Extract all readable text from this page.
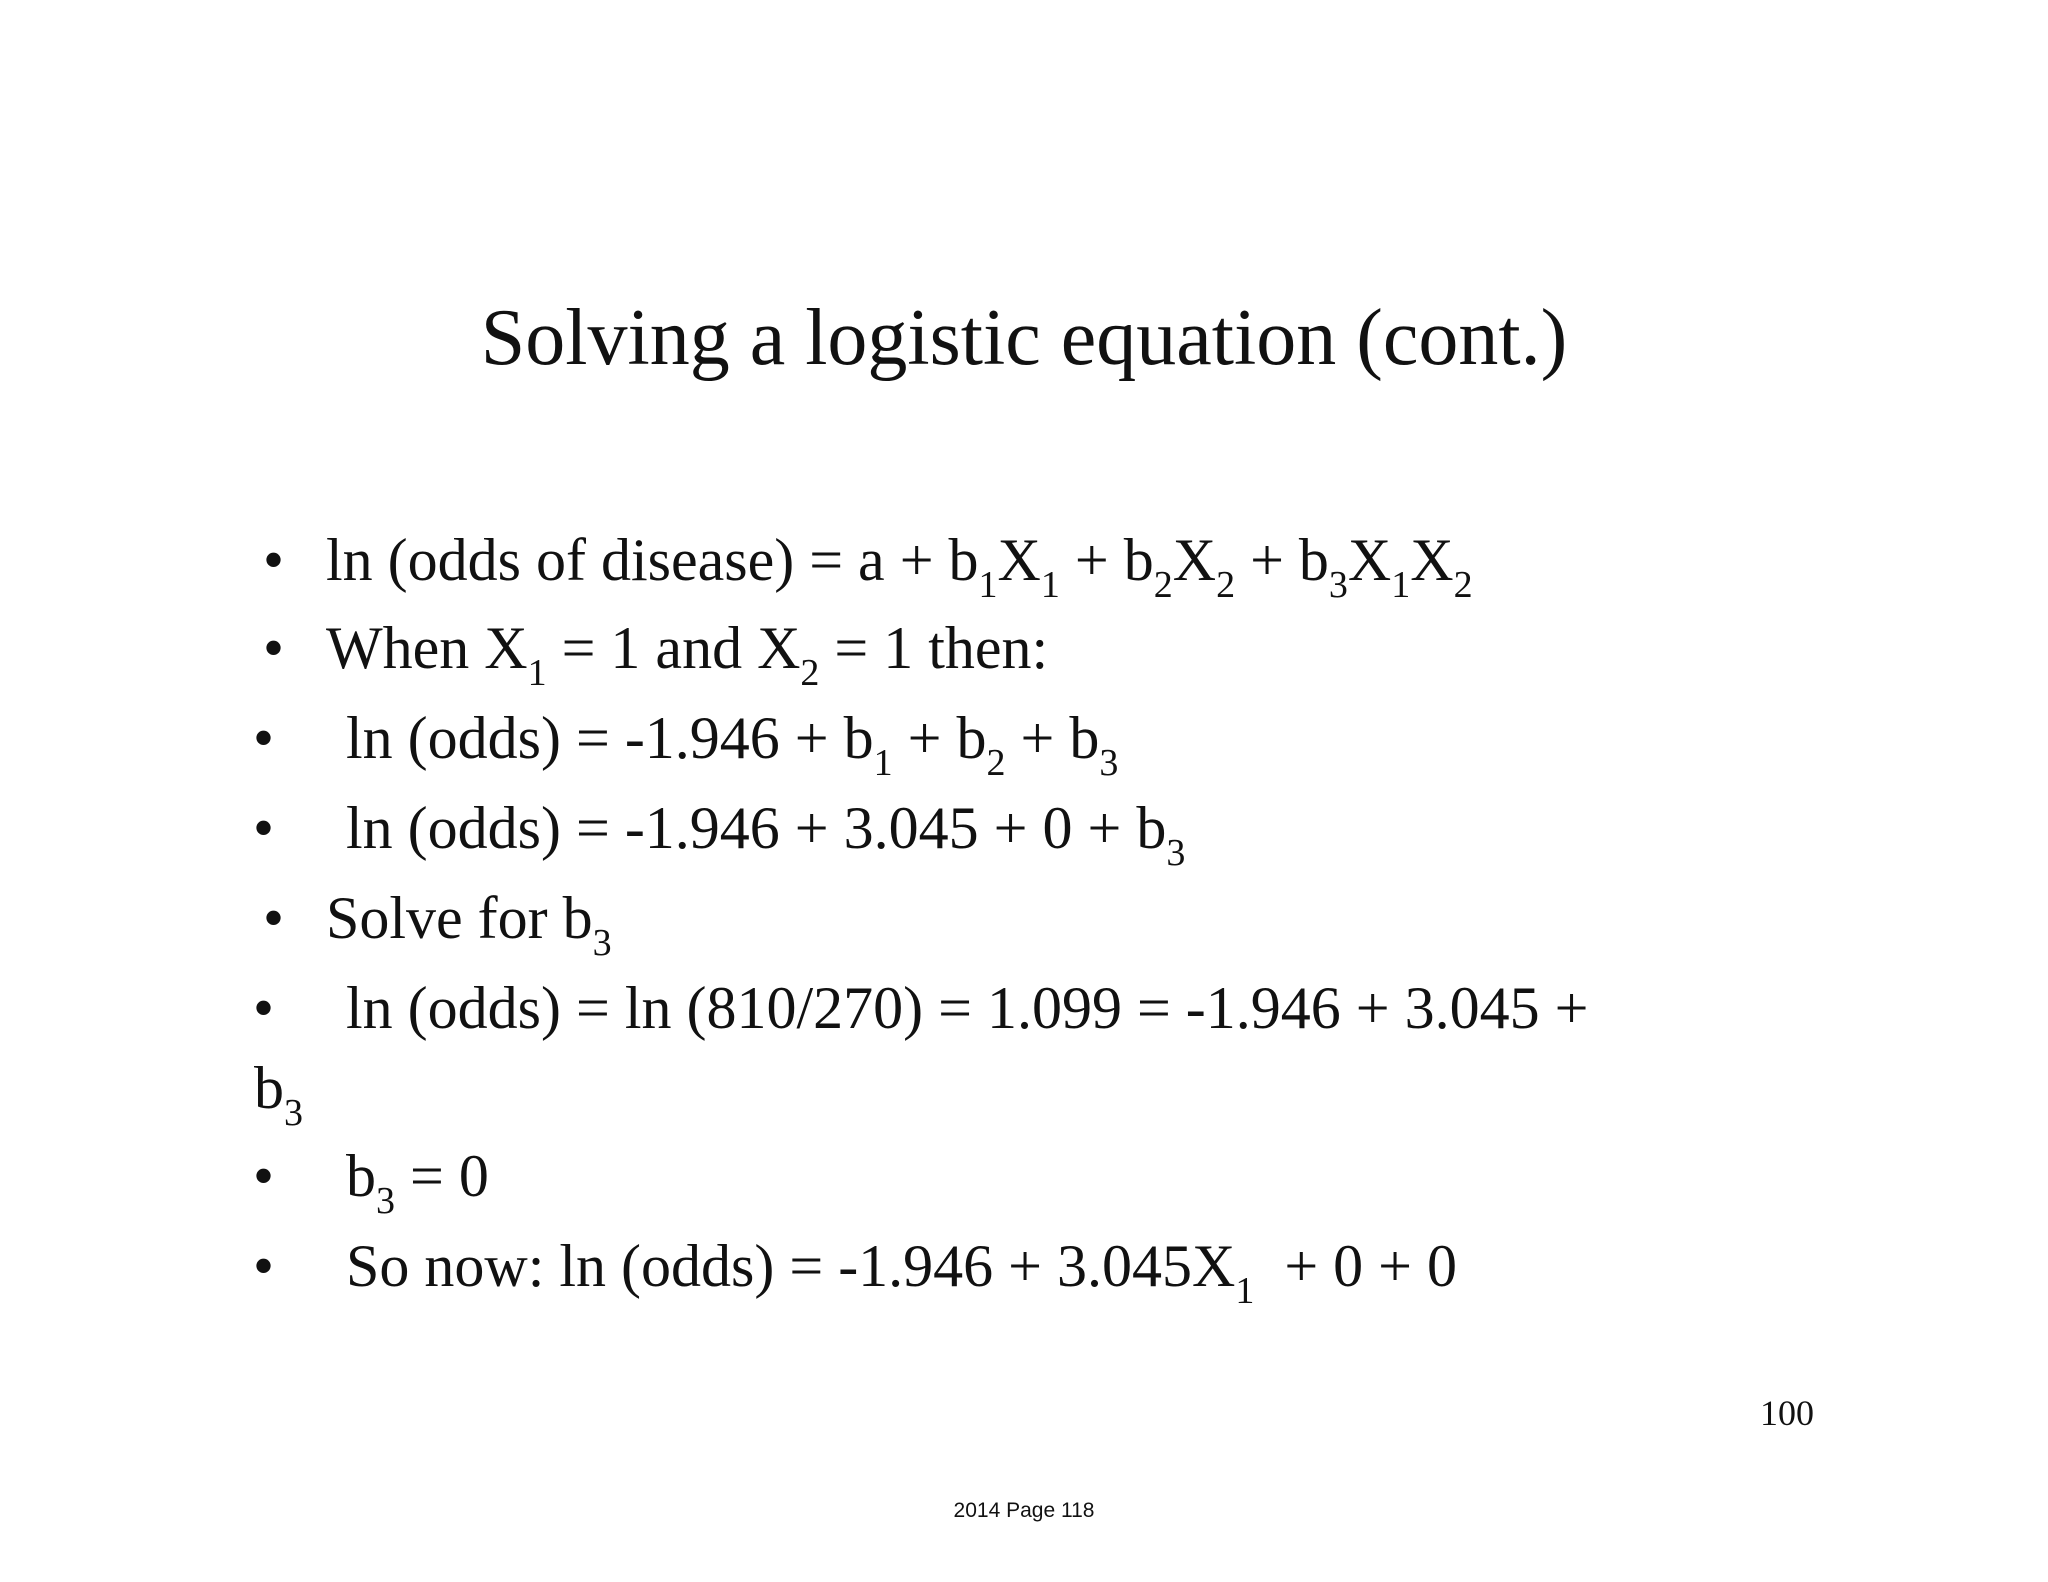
Solving a logistic equation (cont.)
• ln (odds of disease) = $a + b_1X_1 + b_2X_2 + b_3X_1X_2$
• When $X_1 = 1$ and $X_2 = 1$ then:
• ln (odds) = $-1.946 + b_1 + b_2 + b_3$
• ln (odds) = $-1.946 + 3.045 + 0 + b_3$
• Solve for $b_3$
• ln (odds) = ln (810/270) = 1.099 = -1.946 + 3.045 +
$b_3$
• $b_3 = 0$
• So now: ln (odds) = $-1.946 + 3.045X_1 + 0 + 0$
100
2014 Page 118
